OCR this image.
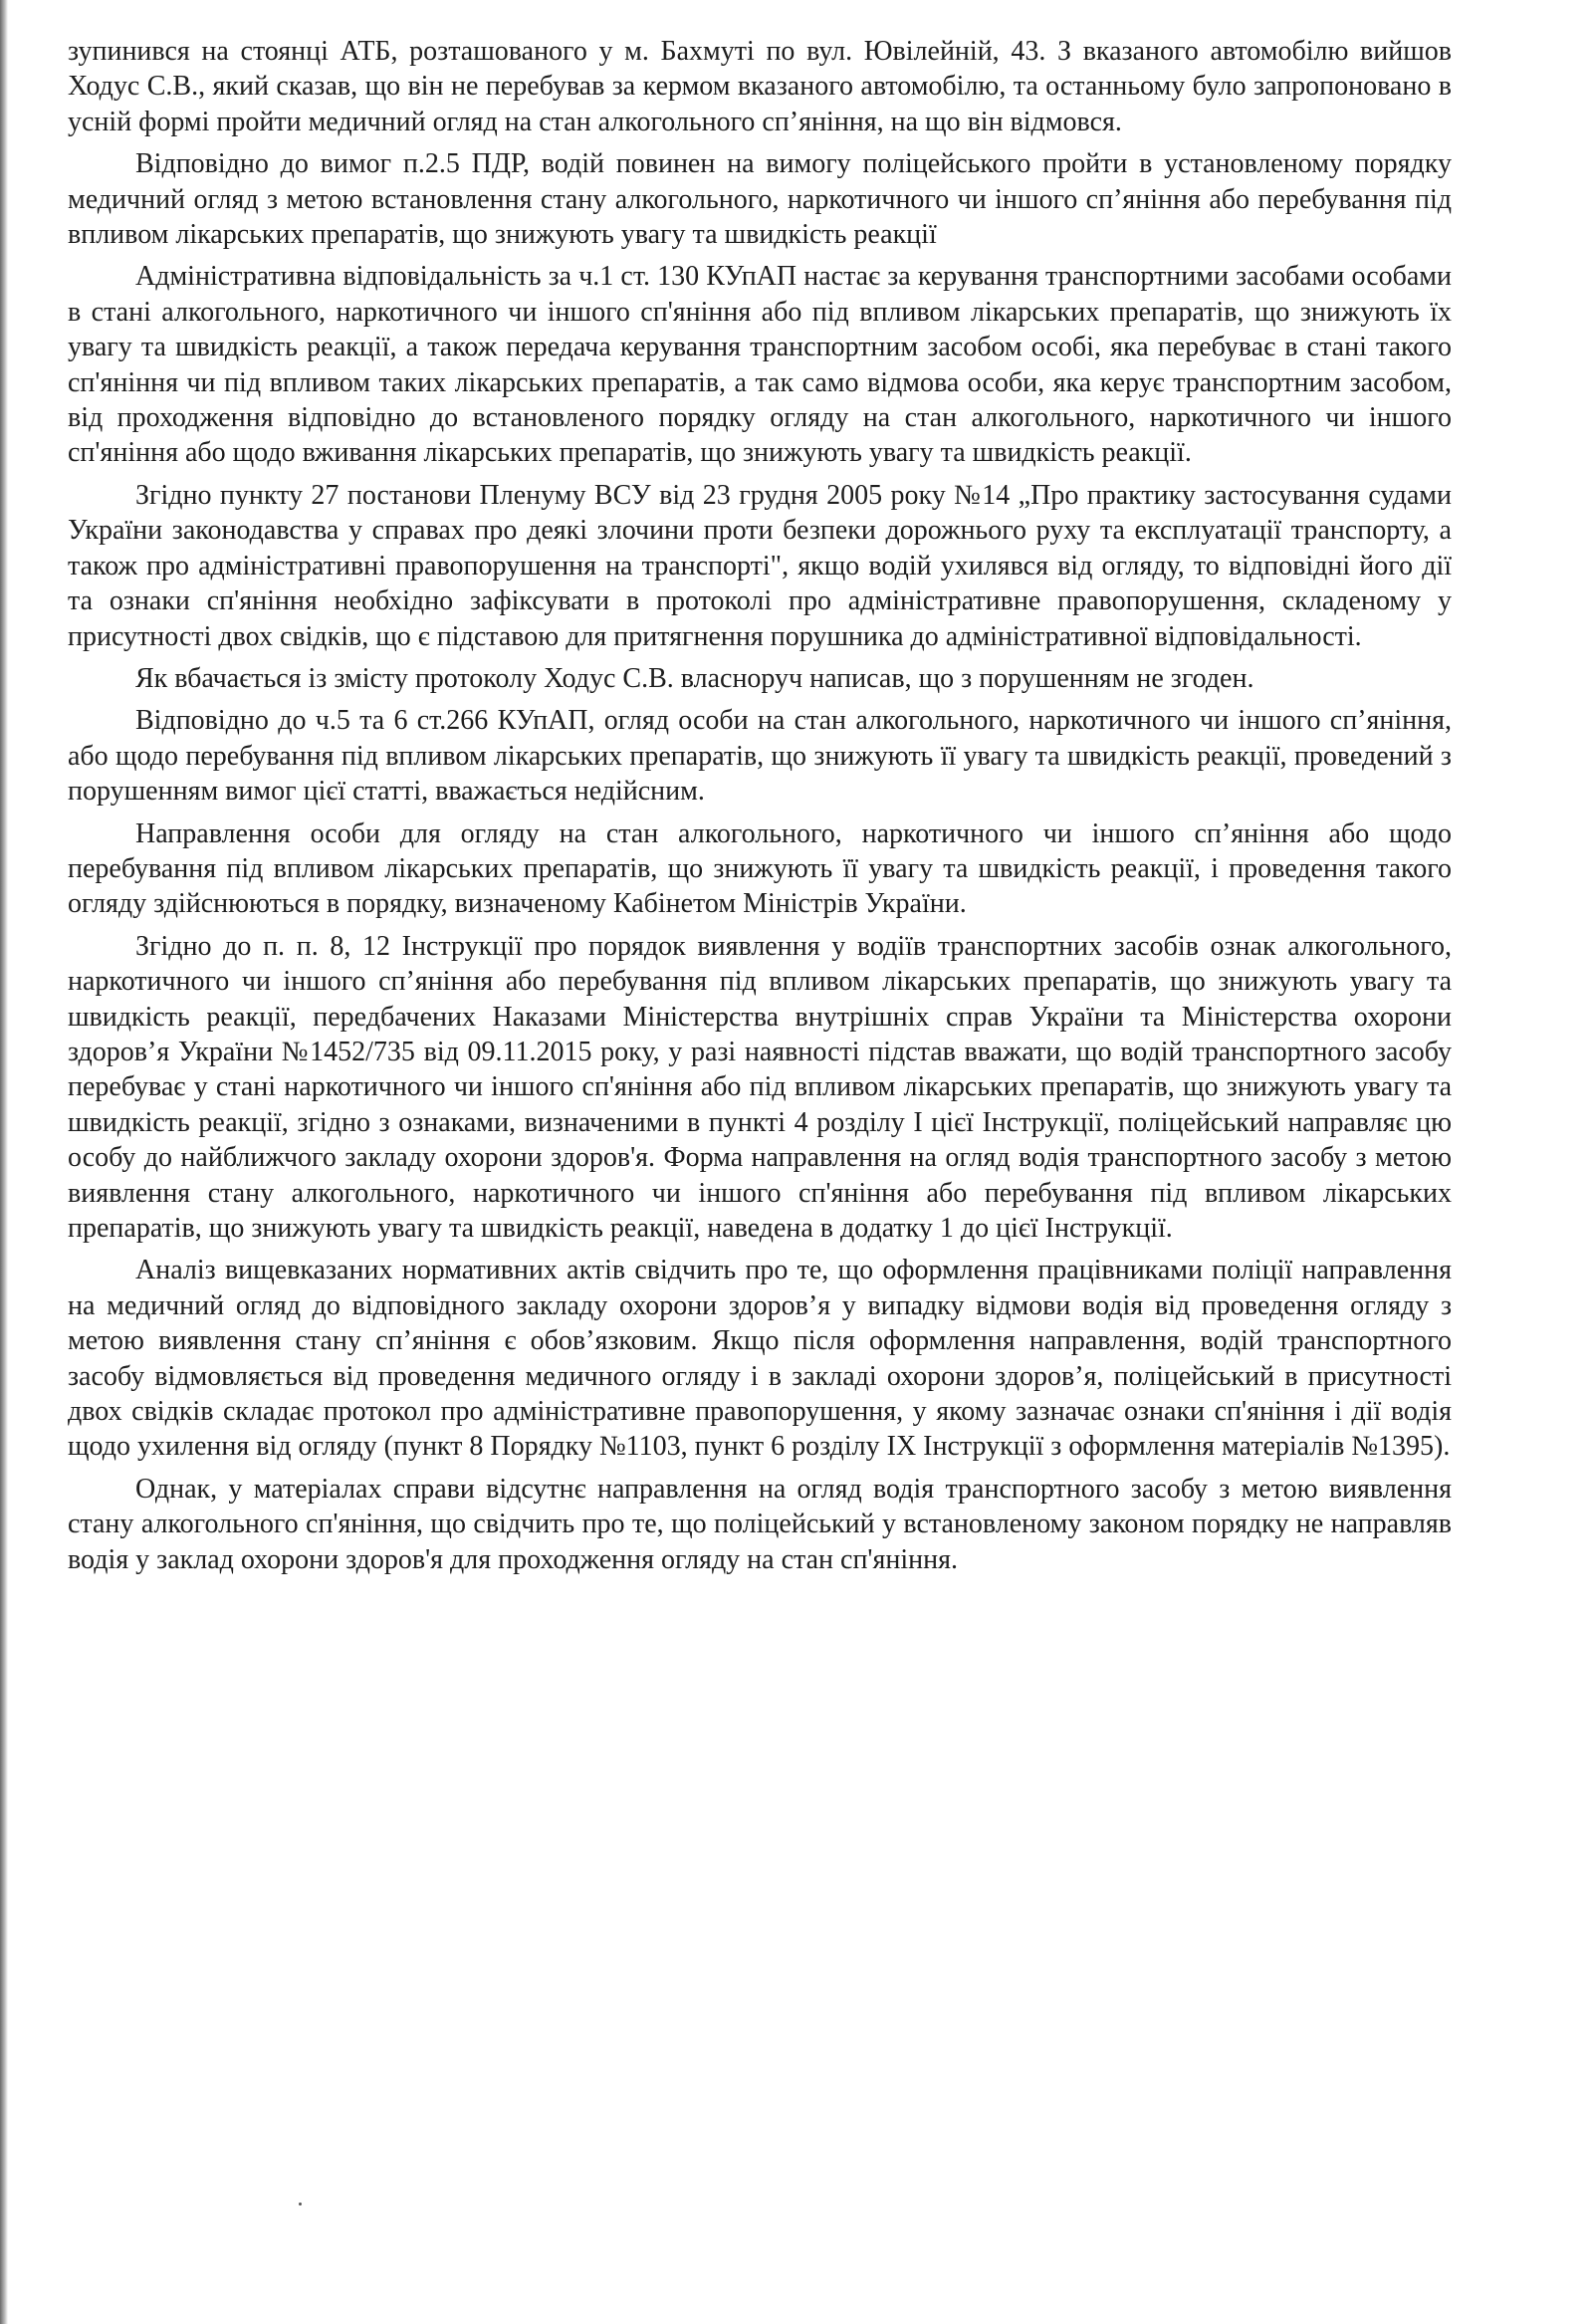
зупинився на стоянці АТБ, розташованого у м. Бахмуті по вул. Ювілейній, 43. З вказаного автомобілю вийшов Ходус С.В., який сказав, що він не перебував за кермом вказаного автомобілю, та останньому було запропоновано в усній формі пройти медичний огляд на стан алкогольного сп’яніння, на що він відмовся.

Відповідно до вимог п.2.5 ПДР, водій повинен на вимогу поліцейського пройти в установленому порядку медичний огляд з метою встановлення стану алкогольного, наркотичного чи іншого сп’яніння або перебування під впливом лікарських препаратів, що знижують увагу та швидкість реакції

Адміністративна відповідальність за ч.1 ст. 130 КУпАП настає за керування транспортними засобами особами в стані алкогольного, наркотичного чи іншого сп'яніння або під впливом лікарських препаратів, що знижують їх увагу та швидкість реакції, а також передача керування транспортним засобом особі, яка перебуває в стані такого сп'яніння чи під впливом таких лікарських препаратів, а так само відмова особи, яка керує транспортним засобом, від проходження відповідно до встановленого порядку огляду на стан алкогольного, наркотичного чи іншого сп'яніння або щодо вживання лікарських препаратів, що знижують увагу та швидкість реакції.

Згідно пункту 27 постанови Пленуму ВСУ від 23 грудня 2005 року №14 „Про практику застосування судами України законодавства у справах про деякі злочини проти безпеки дорожнього руху та експлуатації транспорту, а також про адміністративні правопорушення на транспорті", якщо водій ухилявся від огляду, то відповідні його дії та ознаки сп'яніння необхідно зафіксувати в протоколі про адміністративне правопорушення, складеному у присутності двох свідків, що є підставою для притягнення порушника до адміністративної відповідальності.

Як вбачається із змісту протоколу Ходус С.В. власноруч написав, що з порушенням не згоден.

Відповідно до ч.5 та 6 ст.266 КУпАП, огляд особи на стан алкогольного, наркотичного чи іншого сп’яніння, або щодо перебування під впливом лікарських препаратів, що знижують її увагу та швидкість реакції, проведений з порушенням вимог цієї статті, вважається недійсним.

Направлення особи для огляду на стан алкогольного, наркотичного чи іншого сп’яніння або щодо перебування під впливом лікарських препаратів, що знижують її увагу та швидкість реакції, і проведення такого огляду здійснюються в порядку, визначеному Кабінетом Міністрів України.

Згідно до п. п. 8, 12 Інструкції про порядок виявлення у водіїв транспортних засобів ознак алкогольного, наркотичного чи іншого сп’яніння або перебування під впливом лікарських препаратів, що знижують увагу та швидкість реакції, передбачених Наказами Міністерства внутрішніх справ України та Міністерства охорони здоров’я України №1452/735 від 09.11.2015 року, у разі наявності підстав вважати, що водій транспортного засобу перебуває у стані наркотичного чи іншого сп'яніння або під впливом лікарських препаратів, що знижують увагу та швидкість реакції, згідно з ознаками, визначеними в пункті 4 розділу I цієї Інструкції, поліцейський направляє цю особу до найближчого закладу охорони здоров'я. Форма направлення на огляд водія транспортного засобу з метою виявлення стану алкогольного, наркотичного чи іншого сп'яніння або перебування під впливом лікарських препаратів, що знижують увагу та швидкість реакції, наведена в додатку 1 до цієї Інструкції.

Аналіз вищевказаних нормативних актів свідчить про те, що оформлення працівниками поліції направлення на медичний огляд до відповідного закладу охорони здоров’я у випадку відмови водія від проведення огляду з метою виявлення стану сп’яніння є обов’язковим. Якщо після оформлення направлення, водій транспортного засобу відмовляється від проведення медичного огляду і в закладі охорони здоров’я, поліцейський в присутності двох свідків складає протокол про адміністративне правопорушення, у якому зазначає ознаки сп'яніння і дії водія щодо ухилення від огляду (пункт 8 Порядку №1103, пункт 6 розділу IX Інструкції з оформлення матеріалів №1395).

Однак, у матеріалах справи відсутнє направлення на огляд водія транспортного засобу з метою виявлення стану алкогольного сп'яніння, що свідчить про те, що поліцейський у встановленому законом порядку не направляв водія у заклад охорони здоров'я для проходження огляду на стан сп'яніння.
